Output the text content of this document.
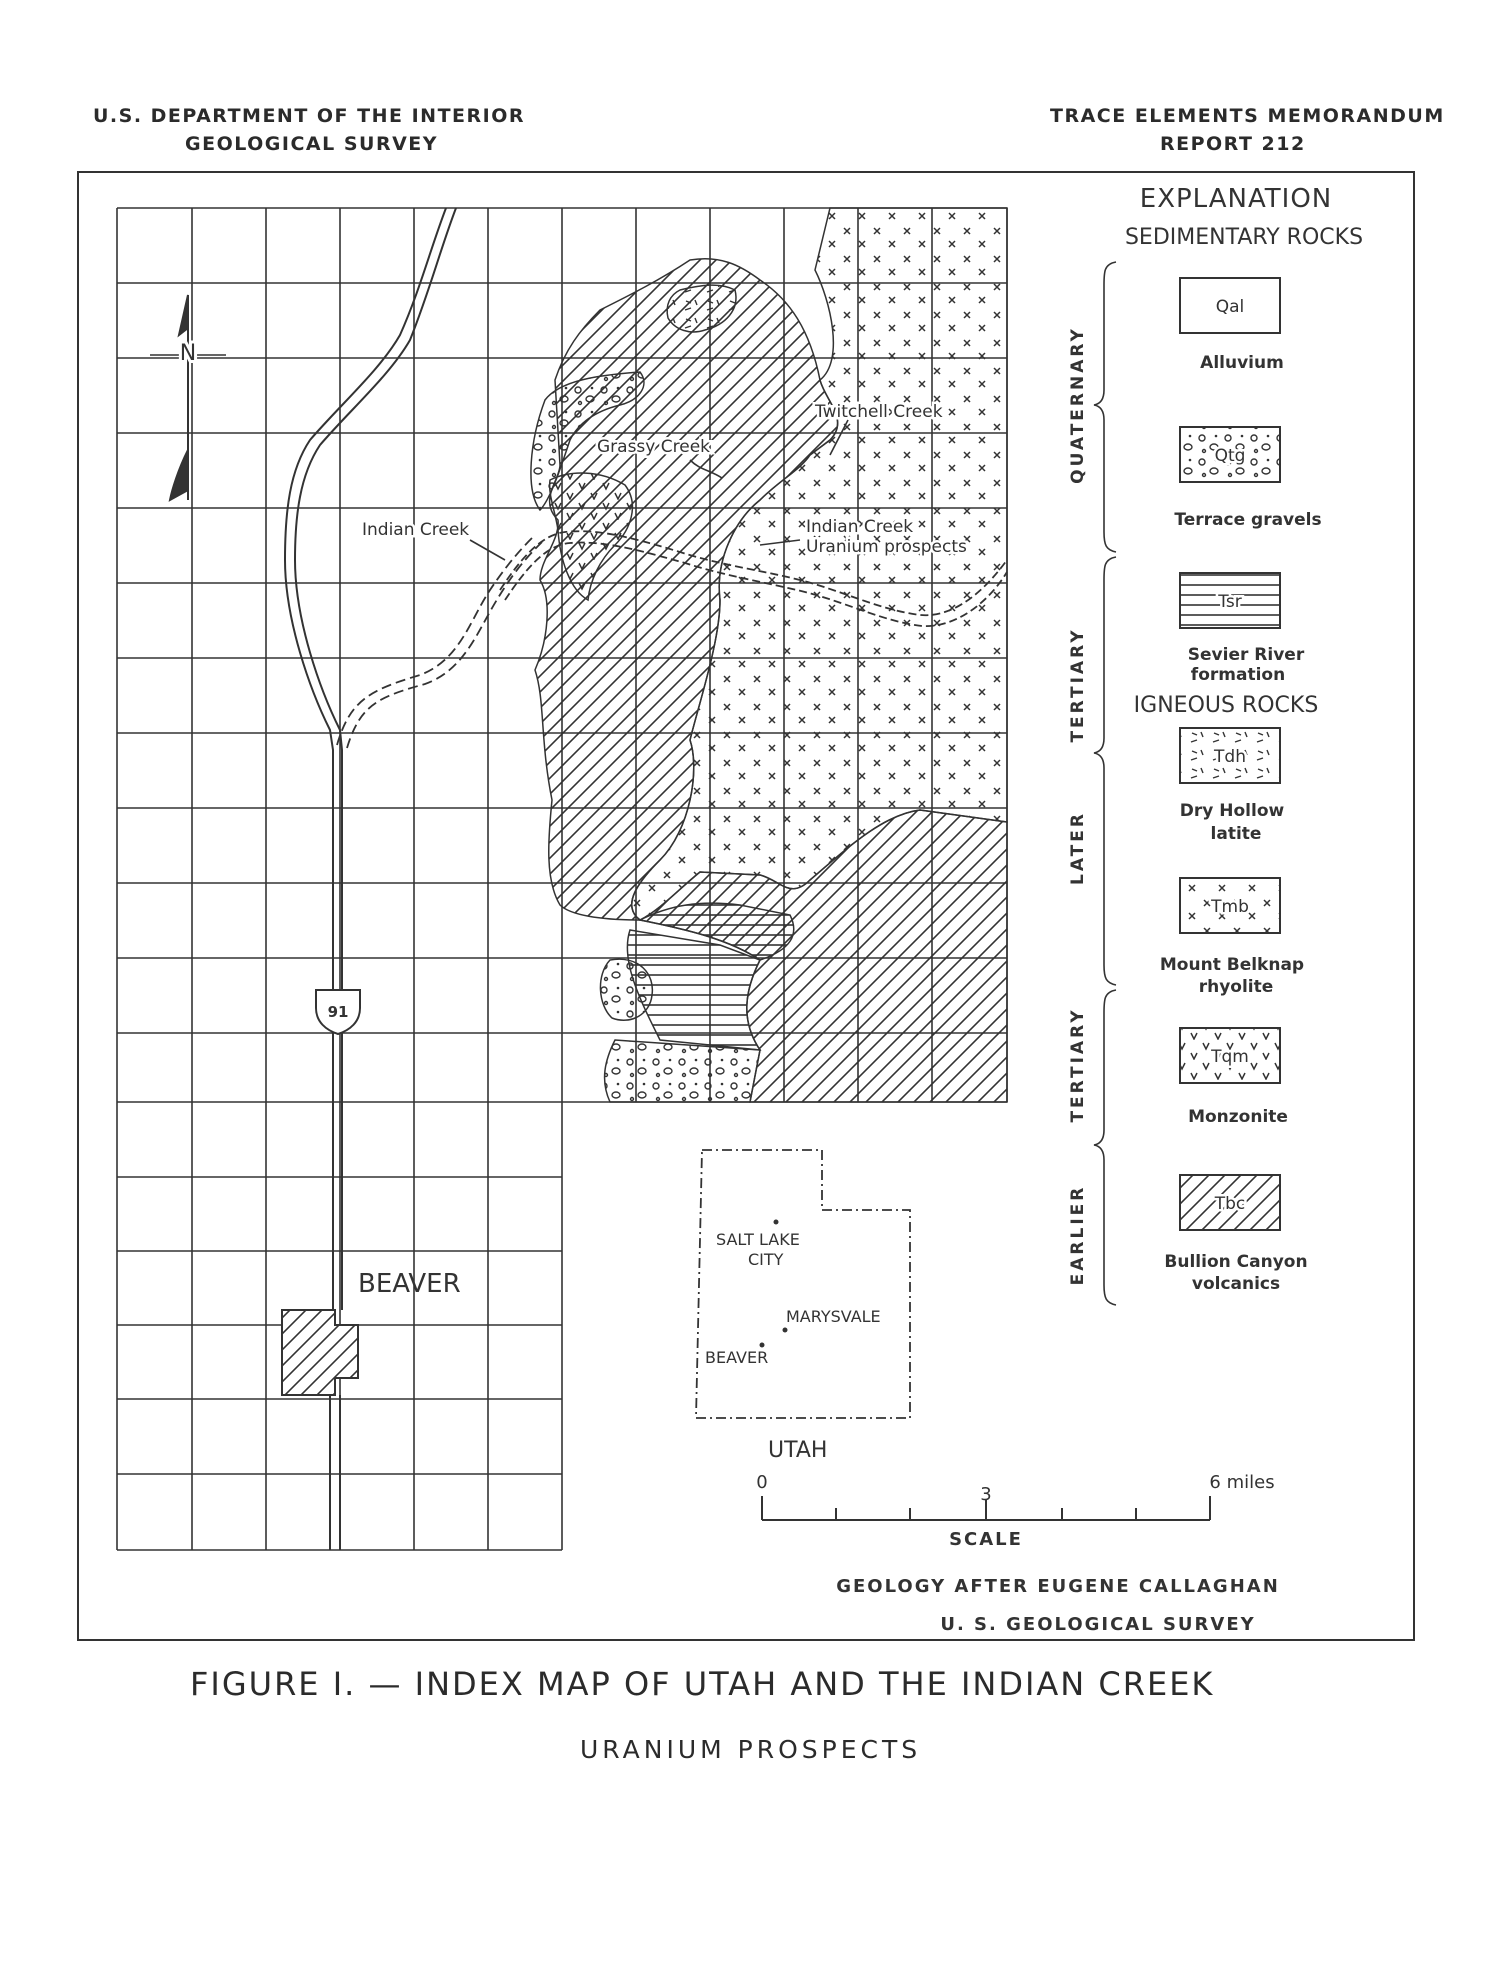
U.S. DEPARTMENT OF THE INTERIOR
GEOLOGICAL SURVEY
TRACE ELEMENTS MEMORANDUM
REPORT 212
91
N
Indian Creek
Grassy Creek
Twitchell Creek
Indian Creek
Uranium prospects
BEAVER
SALT LAKE
CITY
MARYSVALE
BEAVER
UTAH
0
3
6 miles
SCALE
GEOLOGY AFTER EUGENE CALLAGHAN
U. S. GEOLOGICAL SURVEY
EXPLANATION
SEDIMENTARY ROCKS
IGNEOUS ROCKS
QUATERNARY
TERTIARY
LATER
TERTIARY
EARLIER
Qal
Qtg
Tsr
Tdh
Tmb
Tqm
Tbc
Alluvium
Terrace gravels
Sevier River
formation
Dry Hollow
latite
Mount Belknap
rhyolite
Monzonite
Bullion Canyon
volcanics
FIGURE I. — INDEX MAP OF UTAH AND THE INDIAN CREEK
URANIUM PROSPECTS
